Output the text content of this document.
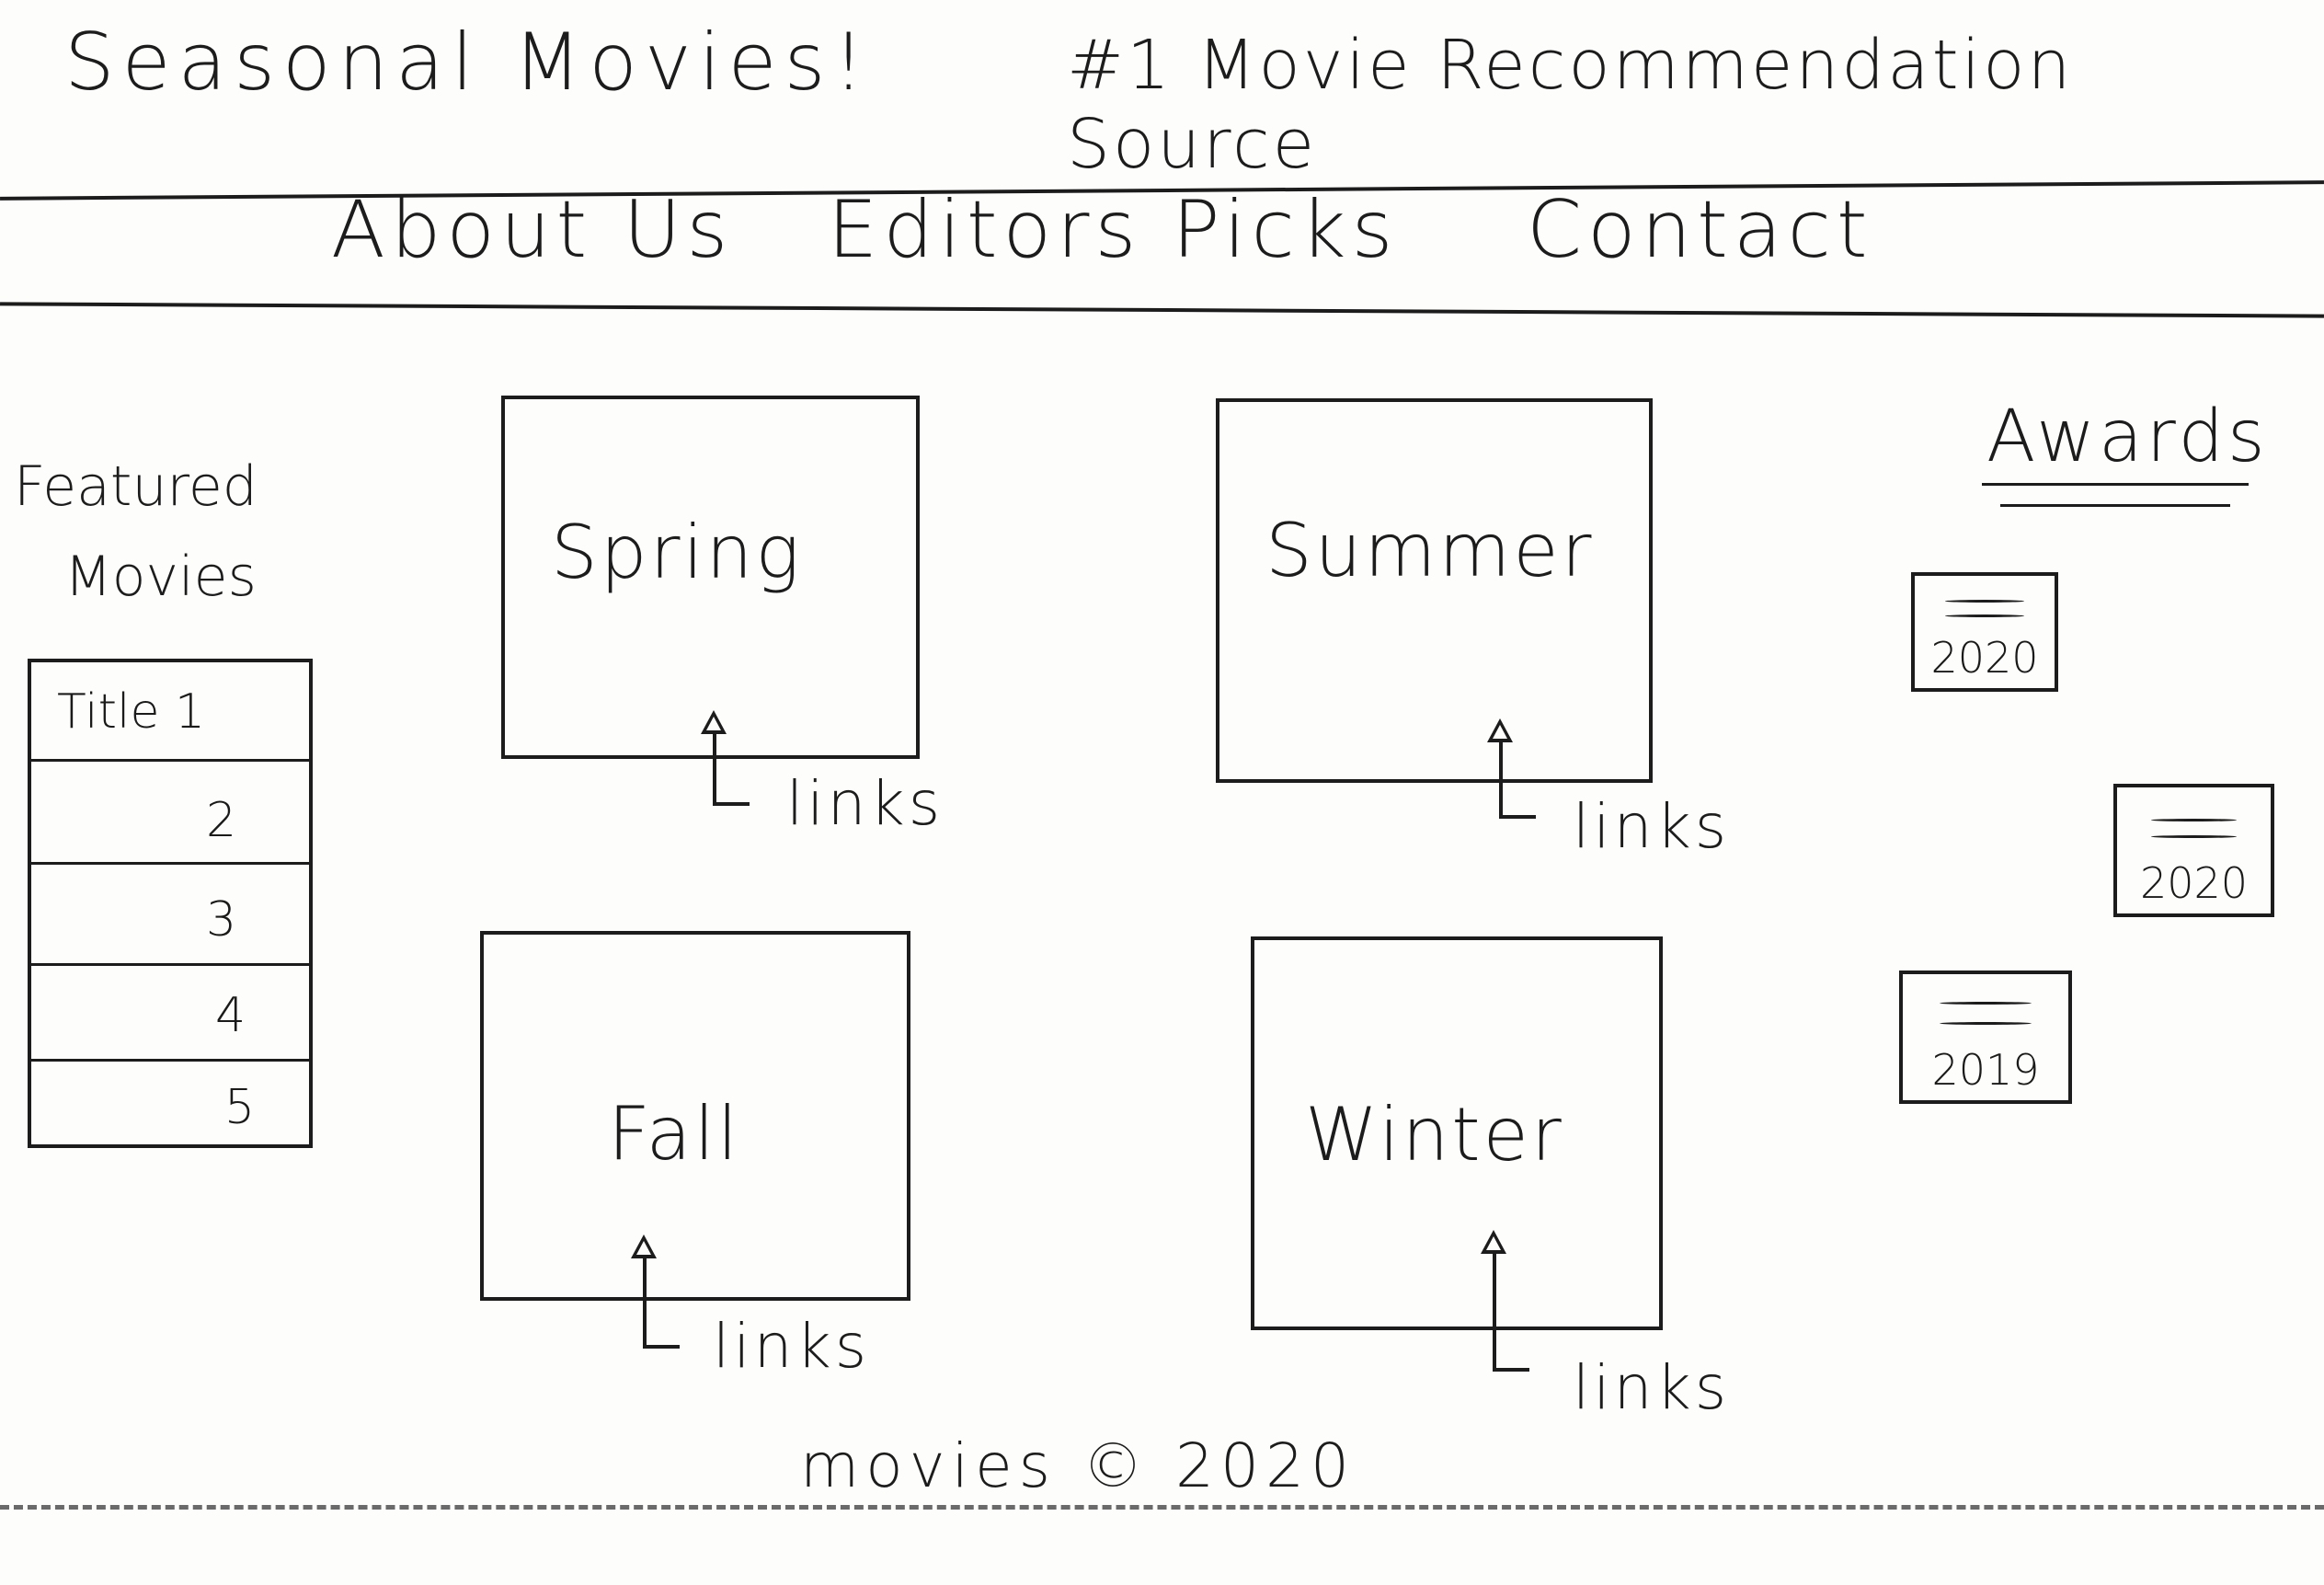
Seasonal Movies!	#1 Movie Recommendation Source
About Us Editors Picks Contact
Featured
Movies
Title 1
2
3
4
5
Spring
links
Summer
links
Fall
links
Winter
links
Awards
2020
2020
2019
movies © 2020
